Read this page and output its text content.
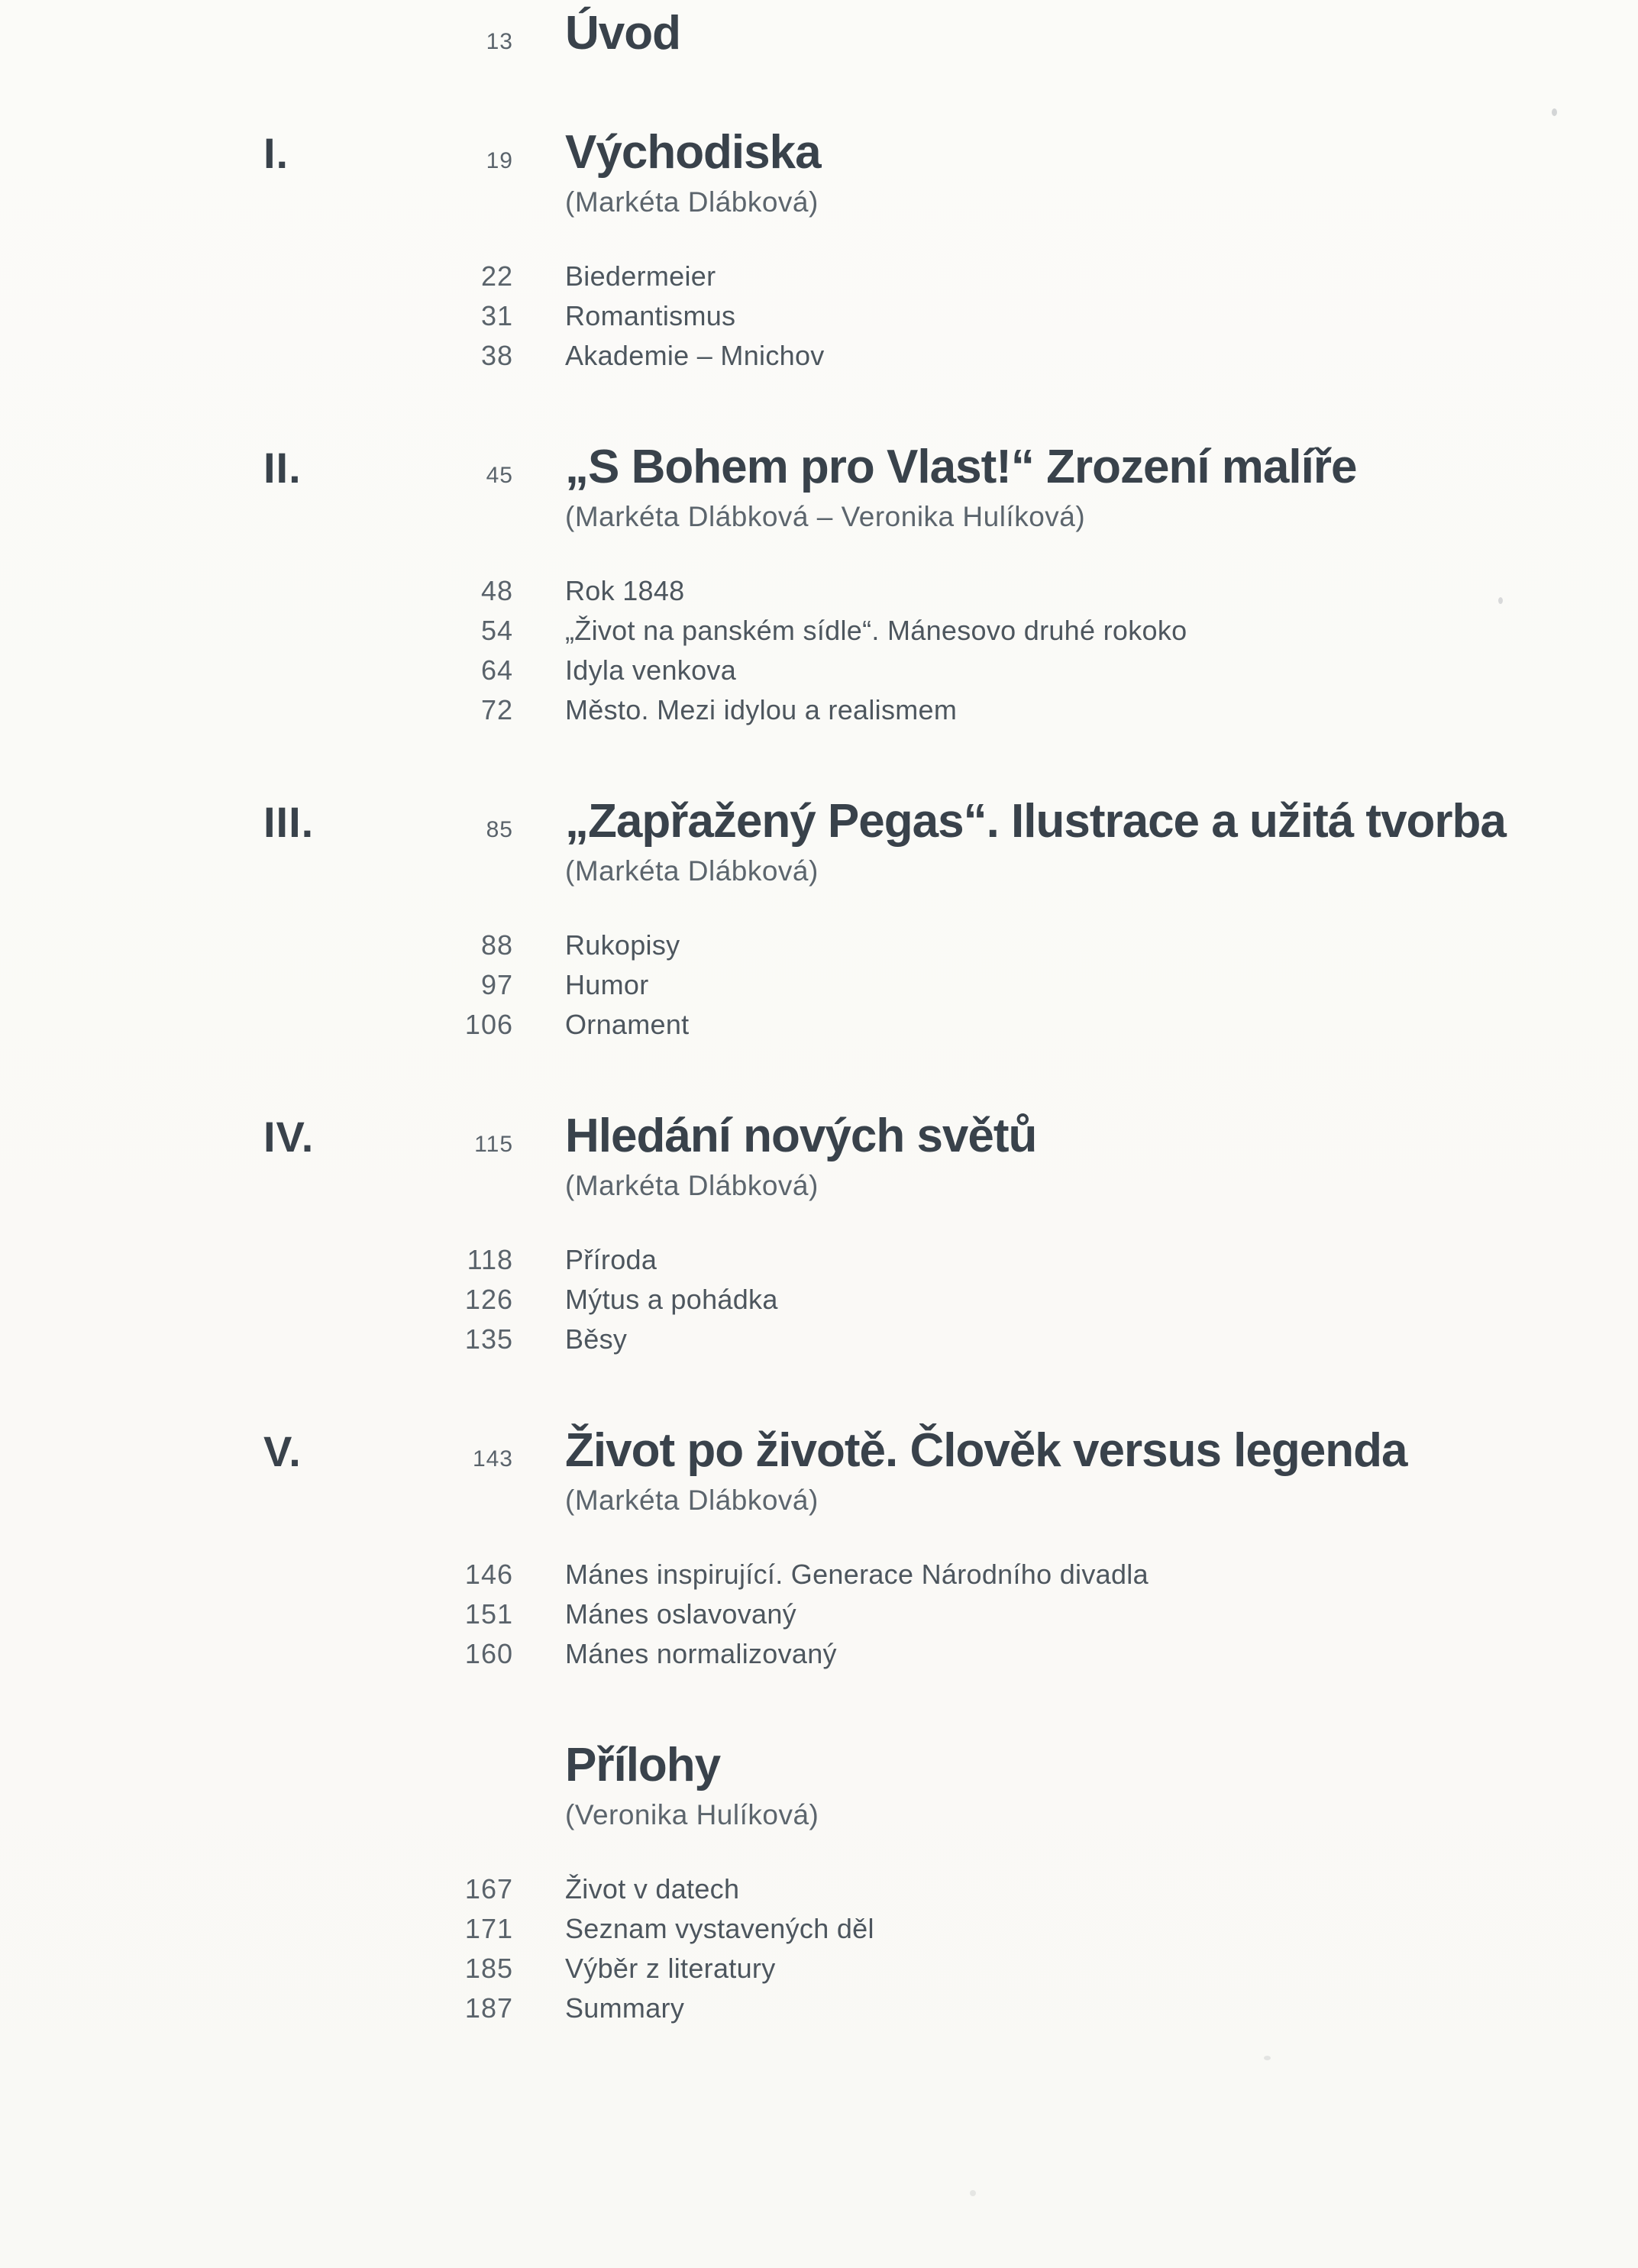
13 Úvod
I.	19 Východiska
(Markéta Dlábková)
22 Biedermeier
31 Romantismus
38 Akademie – Mnichov
II.	45 „S Bohem pro Vlast!“ Zrození malíře
(Markéta Dlábková – Veronika Hulíková)
48 Rok 1848
54 „Život na panském sídle“. Mánesovo druhé rokoko
64 Idyla venkova
72 Město. Mezi idylou a realismem
III.	85 „Zapřažený Pegas“. Ilustrace a užitá tvorba
(Markéta Dlábková)
88 Rukopisy
97 Humor
106 Ornament
IV.	115 Hledání nových světů
(Markéta Dlábková)
118 Příroda
126 Mýtus a pohádka
135 Běsy
V.	143 Život po životě. Člověk versus legenda
(Markéta Dlábková)
146 Mánes inspirující. Generace Národního divadla
151 Mánes oslavovaný
160 Mánes normalizovaný
Přílohy
(Veronika Hulíková)
167 Život v datech
171 Seznam vystavených děl
185 Výběr z literatury
187 Summary
